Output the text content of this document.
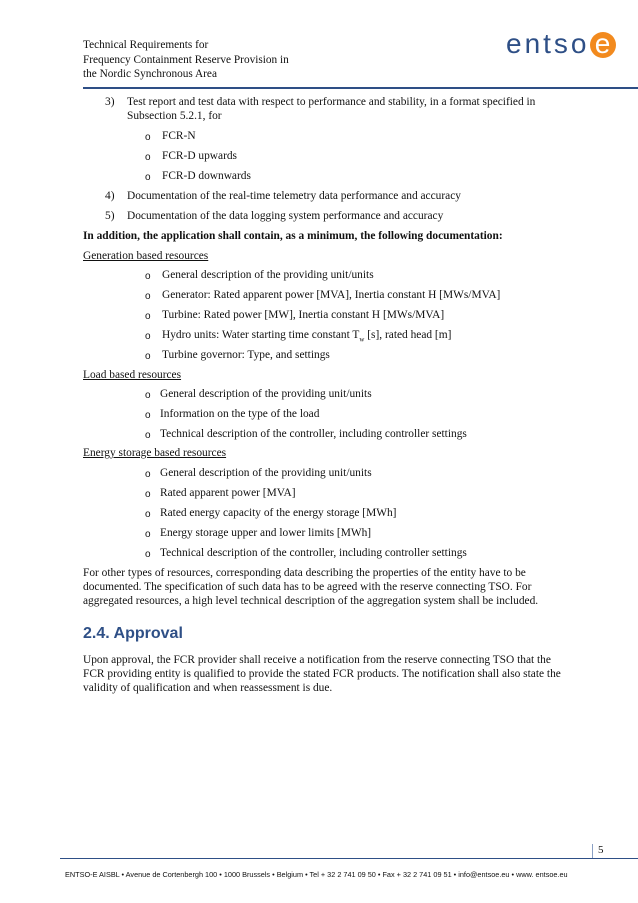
Technical Requirements for
Frequency Containment Reserve Provision in
the Nordic Synchronous Area
entso e
3) Test report and test data with respect to performance and stability, in a format specified in
Subsection 5.2.1, for
o FCR-N
o FCR-D upwards
o FCR-D downwards
4) Documentation of the real-time telemetry data performance and accuracy
5) Documentation of the data logging system performance and accuracy
In addition, the application shall contain, as a minimum, the following documentation:
Generation based resources
o General description of the providing unit/units
o Generator: Rated apparent power [MVA], Inertia constant H [MWs/MVA]
o Turbine: Rated power [MW], Inertia constant H [MWs/MVA]
o Hydro units: Water starting time constant $T_w$ [s], rated head [m]
o Turbine governor: Type, and settings
Load based resources
o General description of the providing unit/units
o Information on the type of the load
o Technical description of the controller, including controller settings
Energy storage based resources
o General description of the providing unit/units
o Rated apparent power [MVA]
o Rated energy capacity of the energy storage [MWh]
o Energy storage upper and lower limits [MWh]
o Technical description of the controller, including controller settings
For other types of resources, corresponding data describing the properties of the entity have to be
documented. The specification of such data has to be agreed with the reserve connecting TSO. For
aggregated resources, a high level technical description of the aggregation system shall be included.
2.4. Approval
Upon approval, the FCR provider shall receive a notification from the reserve connecting TSO that the
FCR providing entity is qualified to provide the stated FCR products. The notification shall also state the
validity of qualification and when reassessment is due.
5
ENTSO-E AISBL • Avenue de Cortenbergh 100 • 1000 Brussels • Belgium • Tel + 32 2 741 09 50 • Fax + 32 2 741 09 51 • info@entsoe.eu • www. entsoe.eu
